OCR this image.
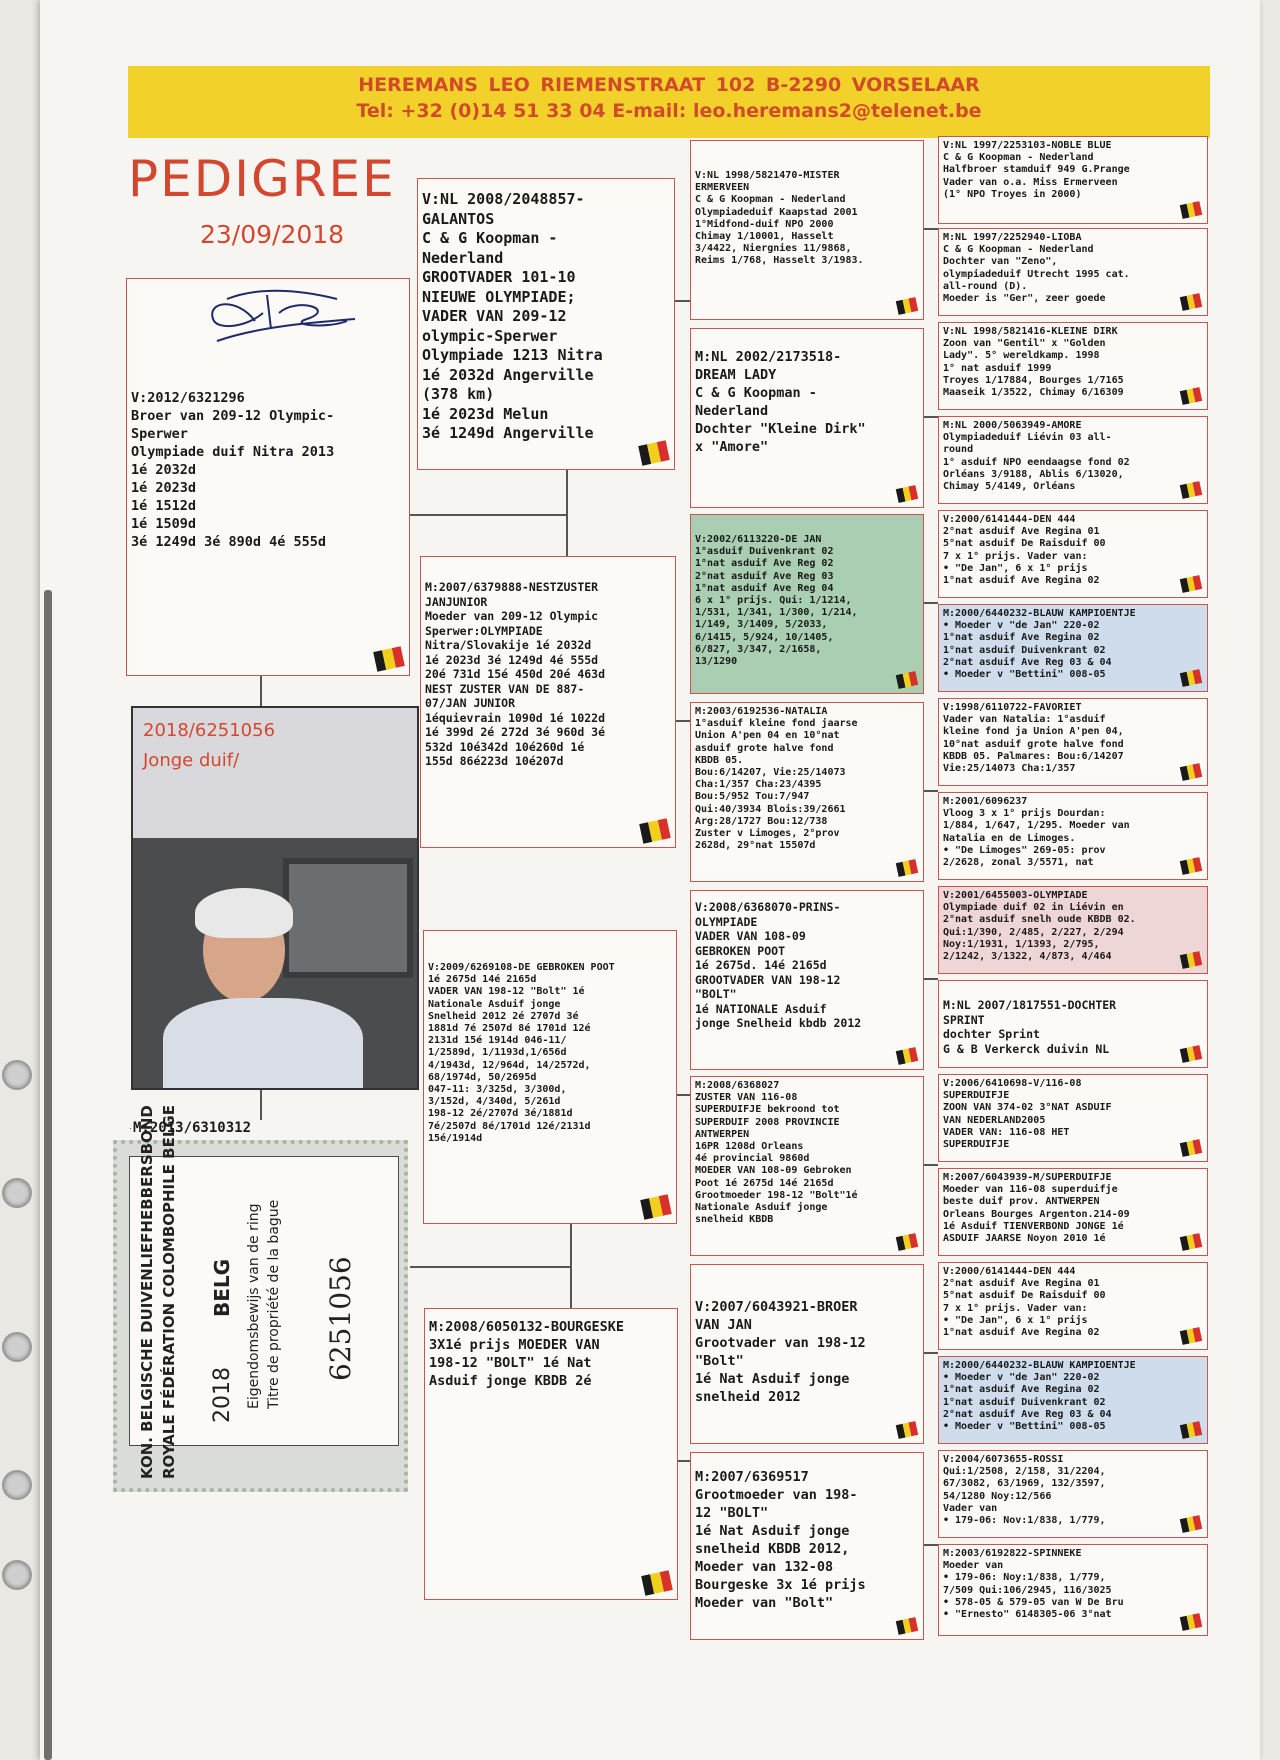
HEREMANS LEO RIEMENSTRAAT 102 B-2290 VORSELAAR
Tel: +32 (0)14 51 33 04 E-mail: leo.heremans2@telenet.be
PEDIGREE
23/09/2018
V:2012/6321296
Broer van 209-12 Olympic-
Sperwer
Olympiade duif Nitra 2013
1é 2032d
1é 2023d
1é 1512d
1é 1509d
3é 1249d 3é 890d 4é 555d
2018/6251056
Jonge duif/
M:2013/6310312
KON. BELGISCHE DUIVENLIEFHEBBERSBOND ROYALE FÉDÉRATION COLOMBOPHILE BELGE 2018
BELG Eigendomsbewijs van de ring Titre de propriété de la bague 6251056
V:NL 2008/2048857-
GALANTOS
C & G Koopman -
Nederland
GROOTVADER 101-10
NIEUWE OLYMPIADE;
VADER VAN 209-12
olympic-Sperwer
Olympiade 1213 Nitra
1é 2032d Angerville
(378 km)
1é 2023d Melun
3é 1249d Angerville
M:2007/6379888-NESTZUSTER
JANJUNIOR
Moeder van 209-12 Olympic
Sperwer:OLYMPIADE
Nitra/Slovakije 1é 2032d
1é 2023d 3é 1249d 4é 555d
20é 731d 15é 450d 20é 463d
NEST ZUSTER VAN DE 887-
07/JAN JUNIOR
1équievrain 1090d 1é 1022d
1é 399d 2é 272d 3é 960d 3é
532d 10é342d 10é260d 1é
155d 86é223d 10é207d
V:2009/6269108-DE GEBROKEN POOT
1é 2675d 14é 2165d
VADER VAN 198-12 "Bolt" 1é
Nationale Asduif jonge
Snelheid 2012 2é 2707d 3é
1881d 7é 2507d 8é 1701d 12é
2131d 15é 1914d 046-11/
1/2589d, 1/1193d,1/656d
4/1943d, 12/964d, 14/2572d,
68/1974d, 50/2695d
047-11: 3/325d, 3/300d,
3/152d, 4/340d, 5/261d
198-12 2é/2707d 3é/1881d
7é/2507d 8é/1701d 12é/2131d
15é/1914d
M:2008/6050132-BOURGESKE
3X1é prijs MOEDER VAN
198-12 "BOLT" 1é Nat
Asduif jonge KBDB 2é
V:NL 1998/5821470-MISTER
ERMERVEEN
C & G Koopman - Nederland
Olympiadeduif Kaapstad 2001
1°Midfond-duif NPO 2000
Chimay 1/10001, Hasselt
3/4422, Niergnies 11/9868,
Reims 1/768, Hasselt 3/1983.
M:NL 2002/2173518-
DREAM LADY
C & G Koopman -
Nederland
Dochter "Kleine Dirk"
x "Amore"
V:2002/6113220-DE JAN
1°asduif Duivenkrant 02
1°nat asduif Ave Reg 02
2°nat asduif Ave Reg 03
1°nat asduif Ave Reg 04
6 x 1° prijs. Qui: 1/1214,
1/531, 1/341, 1/300, 1/214,
1/149, 3/1409, 5/2033,
6/1415, 5/924, 10/1405,
6/827, 3/347, 2/1658,
13/1290
M:2003/6192536-NATALIA
1°asduif kleine fond jaarse
Union A'pen 04 en 10°nat
asduif grote halve fond
KBDB 05.
Bou:6/14207, Vie:25/14073
Cha:1/357 Cha:23/4395
Bou:5/952 Tou:7/947
Qui:40/3934 Blois:39/2661
Arg:28/1727 Bou:12/738
Zuster v Limoges, 2°prov
2628d, 29°nat 15507d
V:2008/6368070-PRINS-
OLYMPIADE
VADER VAN 108-09
GEBROKEN POOT
1é 2675d. 14é 2165d
GROOTVADER VAN 198-12
"BOLT"
1é NATIONALE Asduif
jonge Snelheid kbdb 2012
M:2008/6368027
ZUSTER VAN 116-08
SUPERDUIFJE bekroond tot
SUPERDUIF 2008 PROVINCIE
ANTWERPEN
16PR 1208d Orleans
4é provincial 9860d
MOEDER VAN 108-09 Gebroken
Poot 1é 2675d 14é 2165d
Grootmoeder 198-12 "Bolt"1é
Nationale Asduif jonge
snelheid KBDB
V:2007/6043921-BROER
VAN JAN
Grootvader van 198-12
"Bolt"
1é Nat Asduif jonge
snelheid 2012
M:2007/6369517
Grootmoeder van 198-
12 "BOLT"
1é Nat Asduif jonge
snelheid KBDB 2012,
Moeder van 132-08
Bourgeske 3x 1é prijs
Moeder van "Bolt"
V:NL 1997/2253103-NOBLE BLUE
C & G Koopman - Nederland
Halfbroer stamduif 949 G.Prange
Vader van o.a. Miss Ermerveen
(1° NPO Troyes in 2000)
M:NL 1997/2252940-LIOBA
C & G Koopman - Nederland
Dochter van "Zeno",
olympiadeduif Utrecht 1995 cat.
all-round (D).
Moeder is "Ger", zeer goede
V:NL 1998/5821416-KLEINE DIRK
Zoon van "Gentil" x "Golden
Lady". 5° wereldkamp. 1998
1° nat asduif 1999
Troyes 1/17884, Bourges 1/7165
Maaseik 1/3522, Chimay 6/16309
M:NL 2000/5063949-AMORE
Olympiadeduif Liévin 03 all-
round
1° asduif NPO eendaagse fond 02
Orléans 3/9188, Ablis 6/13020,
Chimay 5/4149, Orléans
V:2000/6141444-DEN 444
2°nat asduif Ave Regina 01
5°nat asduif De Raisduif 00
7 x 1° prijs. Vader van:
• "De Jan", 6 x 1° prijs
1°nat asduif Ave Regina 02
M:2000/6440232-BLAUW KAMPIOENTJE
• Moeder v "de Jan" 220-02
1°nat asduif Ave Regina 02
1°nat asduif Duivenkrant 02
2°nat asduif Ave Reg 03 & 04
• Moeder v "Bettini" 008-05
V:1998/6110722-FAVORIET
Vader van Natalia: 1°asduif
kleine fond ja Union A'pen 04,
10°nat asduif grote halve fond
KBDB 05. Palmares: Bou:6/14207
Vie:25/14073 Cha:1/357
M:2001/6096237
Vloog 3 x 1° prijs Dourdan:
1/884, 1/647, 1/295. Moeder van
Natalia en de Limoges.
• "De Limoges" 269-05: prov
2/2628, zonal 3/5571, nat
V:2001/6455003-OLYMPIADE
Olympiade duif 02 in Liévin en
2°nat asduif snelh oude KBDB 02.
Qui:1/390, 2/485, 2/227, 2/294
Noy:1/1931, 1/1393, 2/795,
2/1242, 3/1322, 4/873, 4/464
M:NL 2007/1817551-DOCHTER
SPRINT
dochter Sprint
G & B Verkerck duivin NL
V:2006/6410698-V/116-08
SUPERDUIFJE
ZOON VAN 374-02 3°NAT ASDUIF
VAN NEDERLAND2005
VADER VAN: 116-08 HET
SUPERDUIFJE
M:2007/6043939-M/SUPERDUIFJE
Moeder van 116-08 superduifje
beste duif prov. ANTWERPEN
Orleans Bourges Argenton.214-09
1é Asduif TIENVERBOND JONGE 1é
ASDUIF JAARSE Noyon 2010 1é
V:2000/6141444-DEN 444
2°nat asduif Ave Regina 01
5°nat asduif De Raisduif 00
7 x 1° prijs. Vader van:
• "De Jan", 6 x 1° prijs
1°nat asduif Ave Regina 02
M:2000/6440232-BLAUW KAMPIOENTJE
• Moeder v "de Jan" 220-02
1°nat asduif Ave Regina 02
1°nat asduif Duivenkrant 02
2°nat asduif Ave Reg 03 & 04
• Moeder v "Bettini" 008-05
V:2004/6073655-ROSSI
Qui:1/2508, 2/158, 31/2204,
67/3082, 63/1969, 132/3597,
54/1280 Noy:12/566
Vader van
• 179-06: Nov:1/838, 1/779,
M:2003/6192822-SPINNEKE
Moeder van
• 179-06: Noy:1/838, 1/779,
7/509 Qui:106/2945, 116/3025
• 578-05 & 579-05 van W De Bru
• "Ernesto" 6148305-06 3°nat
